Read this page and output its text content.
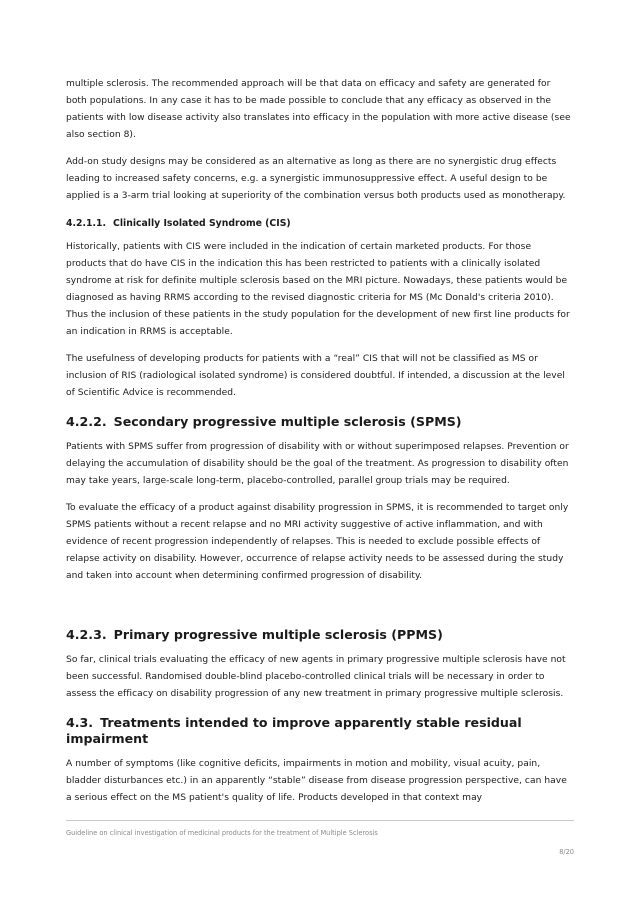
multiple sclerosis. The recommended approach will be that data on efficacy and safety are generated for both populations. In any case it has to be made possible to conclude that any efficacy as observed in the patients with low disease activity also translates into efficacy in the population with more active disease (see also section 8).

Add-on study designs may be considered as an alternative as long as there are no synergistic drug effects leading to increased safety concerns, e.g. a synergistic immunosuppressive effect. A useful design to be applied is a 3-arm trial looking at superiority of the combination versus both products used as monotherapy.

4.2.1.1. Clinically Isolated Syndrome (CIS)

Historically, patients with CIS were included in the indication of certain marketed products. For those products that do have CIS in the indication this has been restricted to patients with a clinically isolated syndrome at risk for definite multiple sclerosis based on the MRI picture. Nowadays, these patients would be diagnosed as having RRMS according to the revised diagnostic criteria for MS (Mc Donald's criteria 2010). Thus the inclusion of these patients in the study population for the development of new first line products for an indication in RRMS is acceptable.

The usefulness of developing products for patients with a “real” CIS that will not be classified as MS or inclusion of RIS (radiological isolated syndrome) is considered doubtful. If intended, a discussion at the level of Scientific Advice is recommended.

4.2.2. Secondary progressive multiple sclerosis (SPMS)

Patients with SPMS suffer from progression of disability with or without superimposed relapses. Prevention or delaying the accumulation of disability should be the goal of the treatment. As progression to disability often may take years, large-scale long-term, placebo-controlled, parallel group trials may be required.

To evaluate the efficacy of a product against disability progression in SPMS, it is recommended to target only SPMS patients without a recent relapse and no MRI activity suggestive of active inflammation, and with evidence of recent progression independently of relapses. This is needed to exclude possible effects of relapse activity on disability. However, occurrence of relapse activity needs to be assessed during the study and taken into account when determining confirmed progression of disability.

4.2.3. Primary progressive multiple sclerosis (PPMS)

So far, clinical trials evaluating the efficacy of new agents in primary progressive multiple sclerosis have not been successful. Randomised double-blind placebo-controlled clinical trials will be necessary in order to assess the efficacy on disability progression of any new treatment in primary progressive multiple sclerosis.

4.3. Treatments intended to improve apparently stable residual impairment

A number of symptoms (like cognitive deficits, impairments in motion and mobility, visual acuity, pain, bladder disturbances etc.) in an apparently “stable” disease from disease progression perspective, can have a serious effect on the MS patient's quality of life. Products developed in that context may

Guideline on clinical investigation of medicinal products for the treatment of Multiple Sclerosis
8/20
